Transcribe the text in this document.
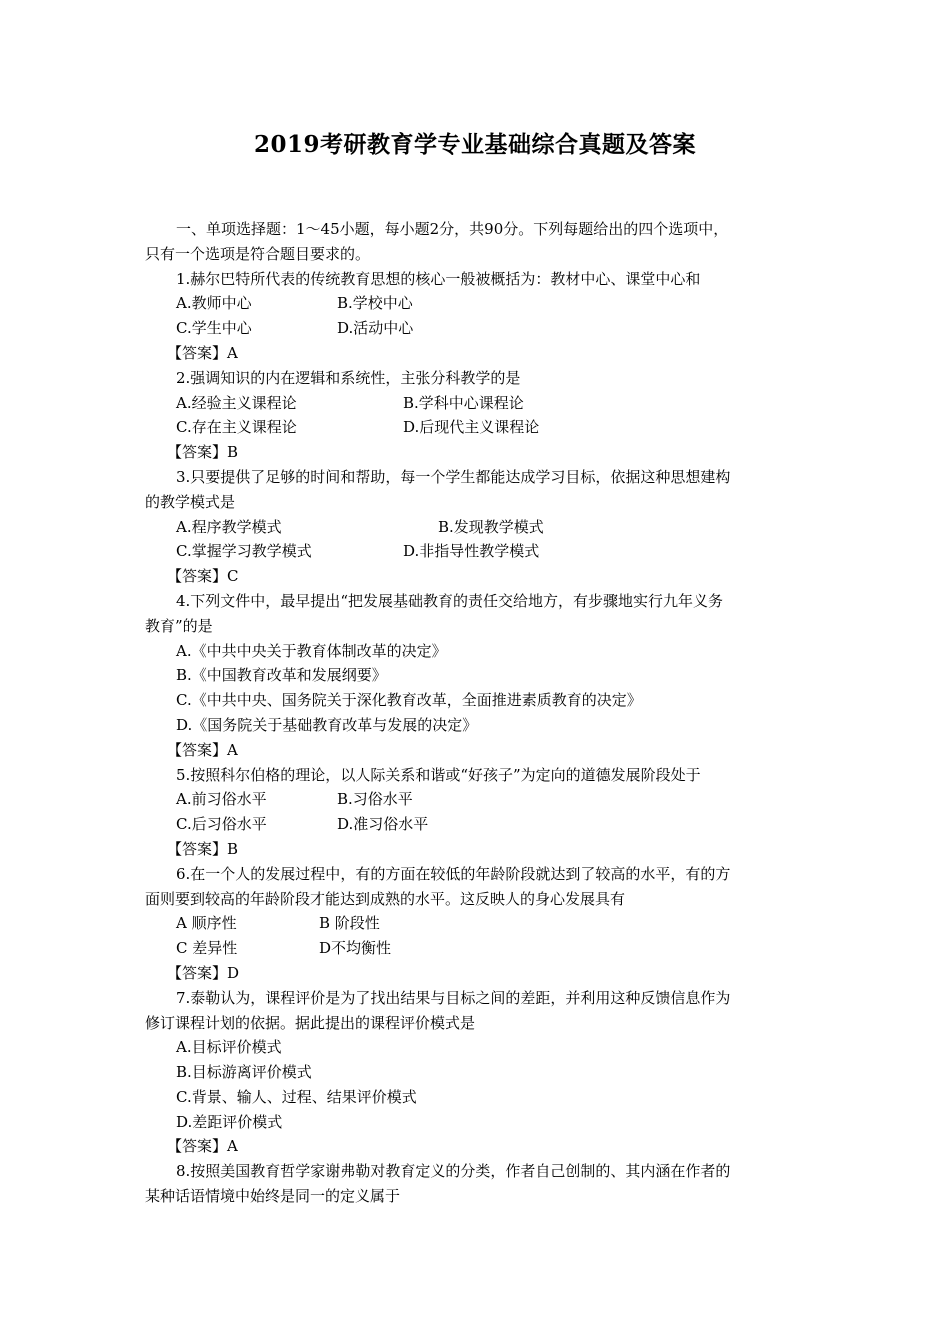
2019考研教育学专业基础综合真题及答案
一、单项选择题：1～45小题，每小题2分，共90分。下列每题给出的四个选项中，
只有一个选项是符合题目要求的。
1.赫尔巴特所代表的传统教育思想的核心一般被概括为：教材中心、课堂中心和
A.教师中心	B.学校中心
C.学生中心	D.活动中心
【答案】A
2.强调知识的内在逻辑和系统性，主张分科教学的是
A.经验主义课程论	B.学科中心课程论
C.存在主义课程论	D.后现代主义课程论
【答案】B
3.只要提供了足够的时间和帮助，每一个学生都能达成学习目标，依据这种思想建构
的教学模式是
A.程序教学模式	B.发现教学模式
C.掌握学习教学模式	D.非指导性教学模式
【答案】C
4.下列文件中，最早提出“把发展基础教育的责任交给地方，有步骤地实行九年义务
教育”的是
A.《中共中央关于教育体制改革的决定》
B.《中国教育改革和发展纲要》
C.《中共中央、国务院关于深化教育改革，全面推进素质教育的决定》
D.《国务院关于基础教育改革与发展的决定》
【答案】A
5.按照科尔伯格的理论，以人际关系和谐或“好孩子”为定向的道德发展阶段处于
A.前习俗水平	B.习俗水平
C.后习俗水平	D.准习俗水平
【答案】B
6.在一个人的发展过程中，有的方面在较低的年龄阶段就达到了较高的水平，有的方
面则要到较高的年龄阶段才能达到成熟的水平。这反映人的身心发展具有
A 顺序性	B 阶段性
C 差异性	D不均衡性
【答案】D
7.泰勒认为，课程评价是为了找出结果与目标之间的差距，并利用这种反馈信息作为
修订课程计划的依据。据此提出的课程评价模式是
A.目标评价模式
B.目标游离评价模式
C.背景、输人、过程、结果评价模式
D.差距评价模式
【答案】A
8.按照美国教育哲学家谢弗勒对教育定义的分类，作者自己创制的、其内涵在作者的
某种话语情境中始终是同一的定义属于
